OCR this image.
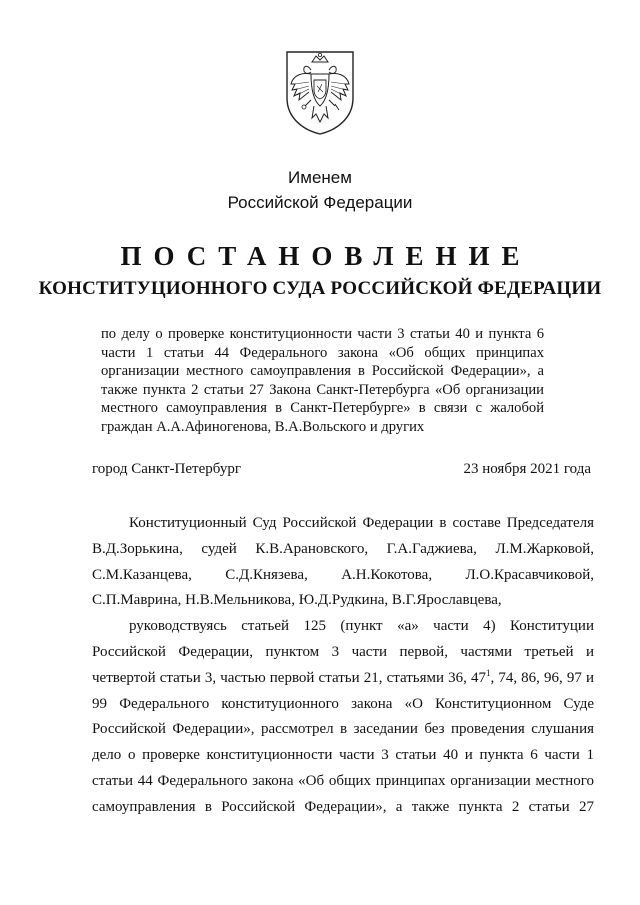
Именем
Российской Федерации
ПОСТАНОВЛЕНИЕ
КОНСТИТУЦИОННОГО СУДА РОССИЙСКОЙ ФЕДЕРАЦИИ
по делу о проверке конституционности части 3 статьи 40 и пункта 6
части 1 статьи 44 Федерального закона «Об общих принципах
организации местного самоуправления в Российской Федерации», а
также пункта 2 статьи 27 Закона Санкт-Петербурга «Об организации
местного самоуправления в Санкт-Петербурге» в связи с жалобой
граждан А.А.Афиногенова, В.А.Вольского и других
город Санкт-Петербург	23 ноября 2021 года
Конституционный Суд Российской Федерации в составе Председателя
В.Д.Зорькина, судей К.В.Арановского, Г.А.Гаджиева, Л.М.Жарковой,
С.М.Казанцева, С.Д.Князева, А.Н.Кокотова, Л.О.Красавчиковой,
С.П.Маврина, Н.В.Мельникова, Ю.Д.Рудкина, В.Г.Ярославцева,
руководствуясь статьей 125 (пункт «а» части 4) Конституции
Российской Федерации, пунктом 3 части первой, частями третьей и
четвертой статьи 3, частью первой статьи 21, статьями 36, $47^1$, 74, 86, 96, 97 и
99 Федерального конституционного закона «О Конституционном Суде
Российской Федерации», рассмотрел в заседании без проведения слушания
дело о проверке конституционности части 3 статьи 40 и пункта 6 части 1
статьи 44 Федерального закона «Об общих принципах организации местного
самоуправления в Российской Федерации», а также пункта 2 статьи 27
